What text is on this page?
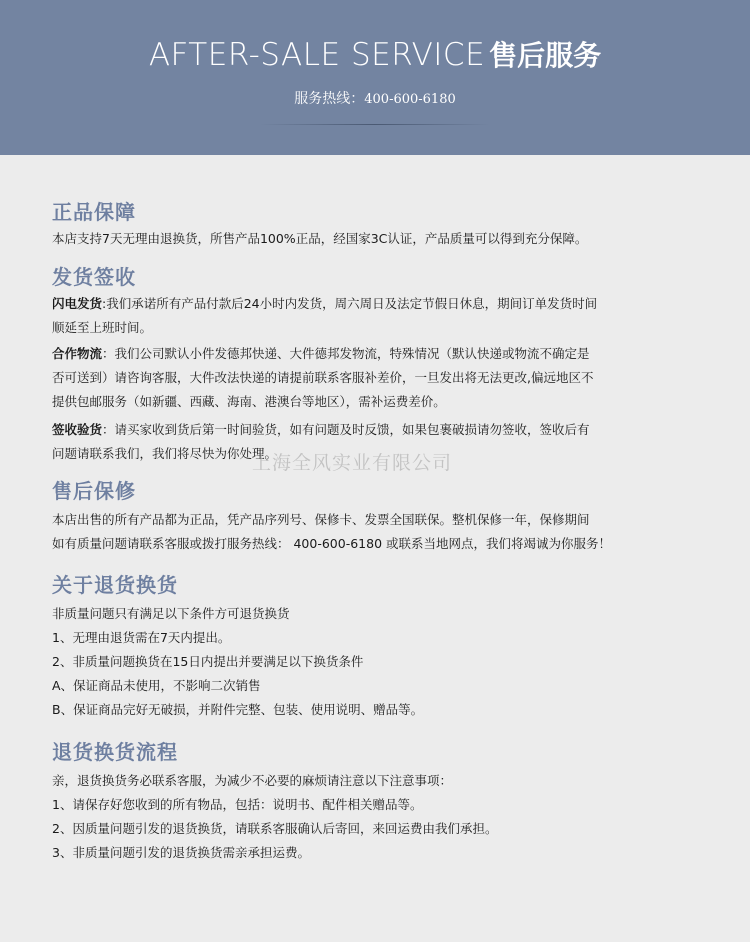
AFTER-SALE SERVICE 售后服务
服务热线：400-600-6180
正品保障
本店支持7天无理由退换货，所售产品100%正品，经国家3C认证，产品质量可以得到充分保障。
发货签收
闪电发货:我们承诺所有产品付款后24小时内发货，周六周日及法定节假日休息，期间订单发货时间
顺延至上班时间。
合作物流：我们公司默认小件发德邦快递、大件德邦发物流，特殊情况（默认快递或物流不确定是
否可送到）请咨询客服，大件改法快递的请提前联系客服补差价，一旦发出将无法更改,偏远地区不
提供包邮服务（如新疆、西藏、海南、港澳台等地区），需补运费差价。
签收验货：请买家收到货后第一时间验货，如有问题及时反馈，如果包裹破损请勿签收，签收后有
问题请联系我们，我们将尽快为你处理。
售后保修
本店出售的所有产品都为正品，凭产品序列号、保修卡、发票全国联保。整机保修一年，保修期间
如有质量问题请联系客服或拨打服务热线： 400-600-6180 或联系当地网点，我们将竭诚为你服务！
关于退货换货
非质量问题只有满足以下条件方可退货换货
1、无理由退货需在7天内提出。
2、非质量问题换货在15日内提出并要满足以下换货条件
A、保证商品未使用，不影响二次销售
B、保证商品完好无破损，并附件完整、包装、使用说明、赠品等。
退货换货流程
亲，退货换货务必联系客服，为减少不必要的麻烦请注意以下注意事项：
1、请保存好您收到的所有物品，包括：说明书、配件相关赠品等。
2、因质量问题引发的退货换货，请联系客服确认后寄回，来回运费由我们承担。
3、非质量问题引发的退货换货需亲承担运费。
上海全风实业有限公司
